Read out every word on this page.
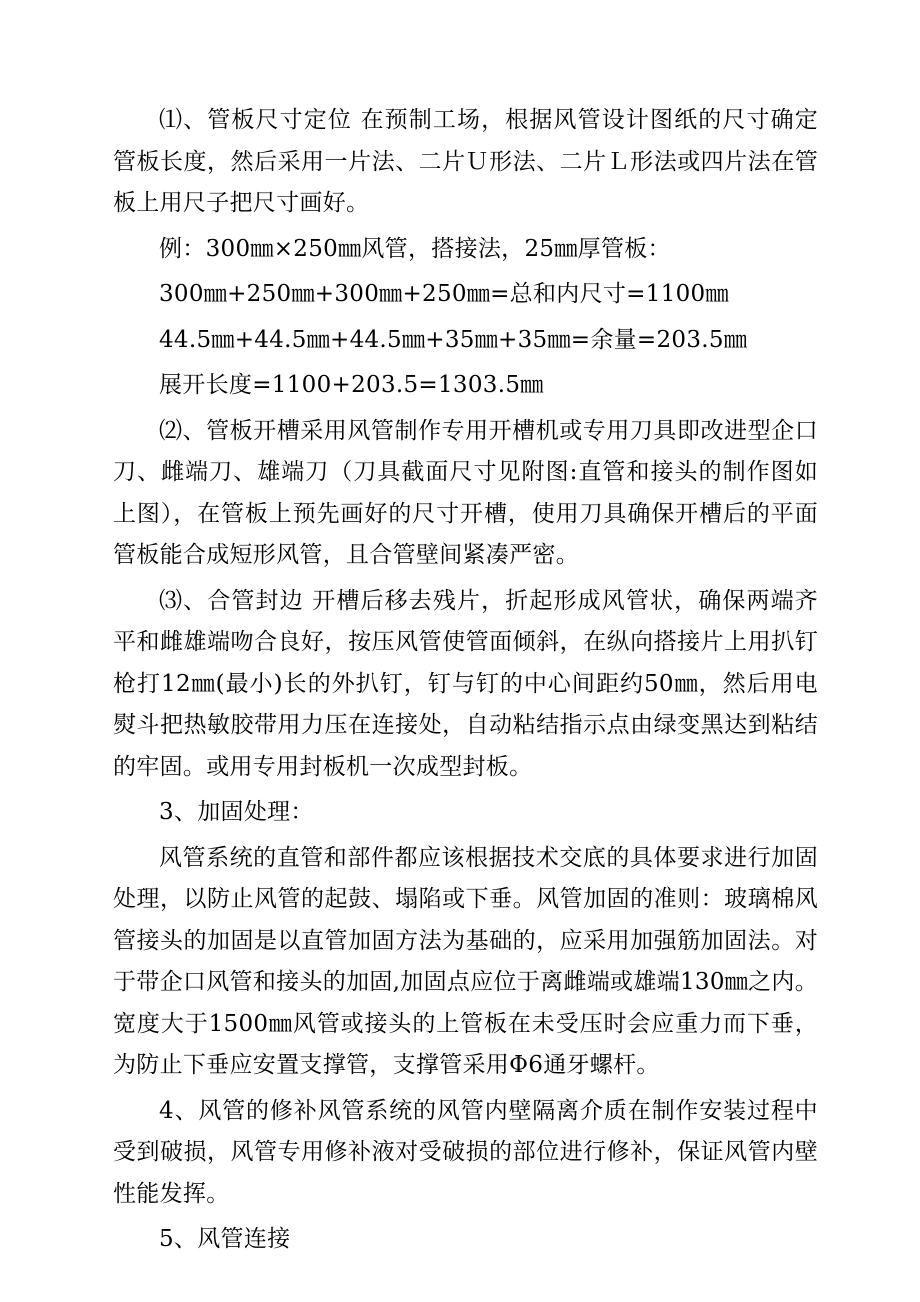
⑴、管板尺寸定位 在预制工场，根据风管设计图纸的尺寸确定管板长度，然后采用一片法、二片Ｕ形法、二片Ｌ形法或四片法在管板上用尺子把尺寸画好。

例：300㎜×250㎜风管，搭接法，25㎜厚管板：

300㎜+250㎜+300㎜+250㎜=总和内尺寸=1100㎜

44.5㎜+44.5㎜+44.5㎜+35㎜+35㎜=余量=203.5㎜

展开长度=1100+203.5=1303.5㎜

⑵、管板开槽采用风管制作专用开槽机或专用刀具即改进型企口刀、雌端刀、雄端刀（刀具截面尺寸见附图:直管和接头的制作图如上图），在管板上预先画好的尺寸开槽，使用刀具确保开槽后的平面管板能合成短形风管，且合管壁间紧凑严密。

⑶、合管封边 开槽后移去残片，折起形成风管状，确保两端齐平和雌雄端吻合良好，按压风管使管面倾斜，在纵向搭接片上用扒钉枪打12㎜(最小)长的外扒钉，钉与钉的中心间距约50㎜，然后用电熨斗把热敏胶带用力压在连接处，自动粘结指示点由绿变黑达到粘结的牢固。或用专用封板机一次成型封板。

3、加固处理：

风管系统的直管和部件都应该根据技术交底的具体要求进行加固处理，以防止风管的起鼓、塌陷或下垂。风管加固的准则：玻璃棉风管接头的加固是以直管加固方法为基础的，应采用加强筋加固法。对于带企口风管和接头的加固,加固点应位于离雌端或雄端130㎜之内。宽度大于1500㎜风管或接头的上管板在未受压时会应重力而下垂，为防止下垂应安置支撑管，支撑管采用Φ6通牙螺杆。

4、风管的修补风管系统的风管内壁隔离介质在制作安装过程中受到破损，风管专用修补液对受破损的部位进行修补，保证风管内壁性能发挥。

5、风管连接
